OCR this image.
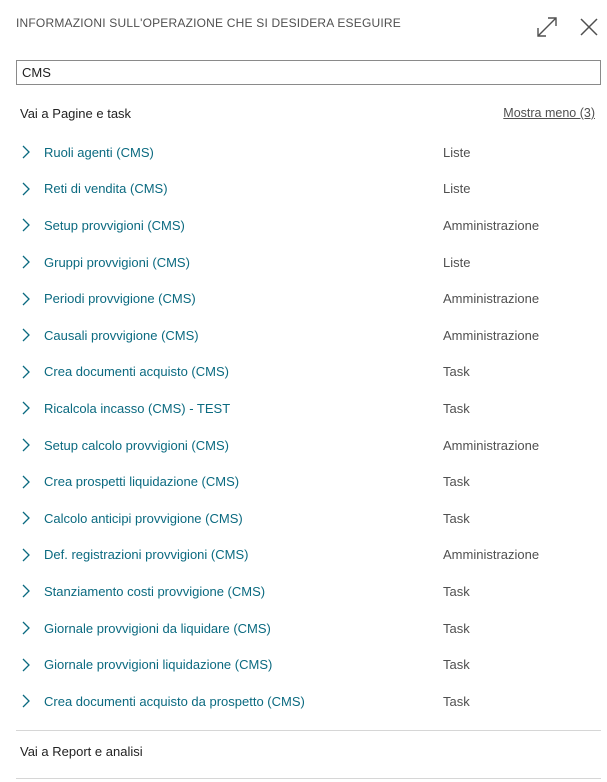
INFORMAZIONI SULL'OPERAZIONE CHE SI DESIDERA ESEGUIRE
CMS
Vai a Pagine e task	Mostra meno (3)
Ruoli agenti (CMS)	Liste
Reti di vendita (CMS)	Liste
Setup provvigioni (CMS)	Amministrazione
Gruppi provvigioni (CMS)	Liste
Periodi provvigione (CMS)	Amministrazione
Causali provvigione (CMS)	Amministrazione
Crea documenti acquisto (CMS)	Task
Ricalcola incasso (CMS) - TEST	Task
Setup calcolo provvigioni (CMS)	Amministrazione
Crea prospetti liquidazione (CMS)	Task
Calcolo anticipi provvigione (CMS)	Task
Def. registrazioni provvigioni (CMS)	Amministrazione
Stanziamento costi provvigione (CMS)	Task
Giornale provvigioni da liquidare (CMS)	Task
Giornale provvigioni liquidazione (CMS)	Task
Crea documenti acquisto da prospetto (CMS)	Task
Vai a Report e analisi
